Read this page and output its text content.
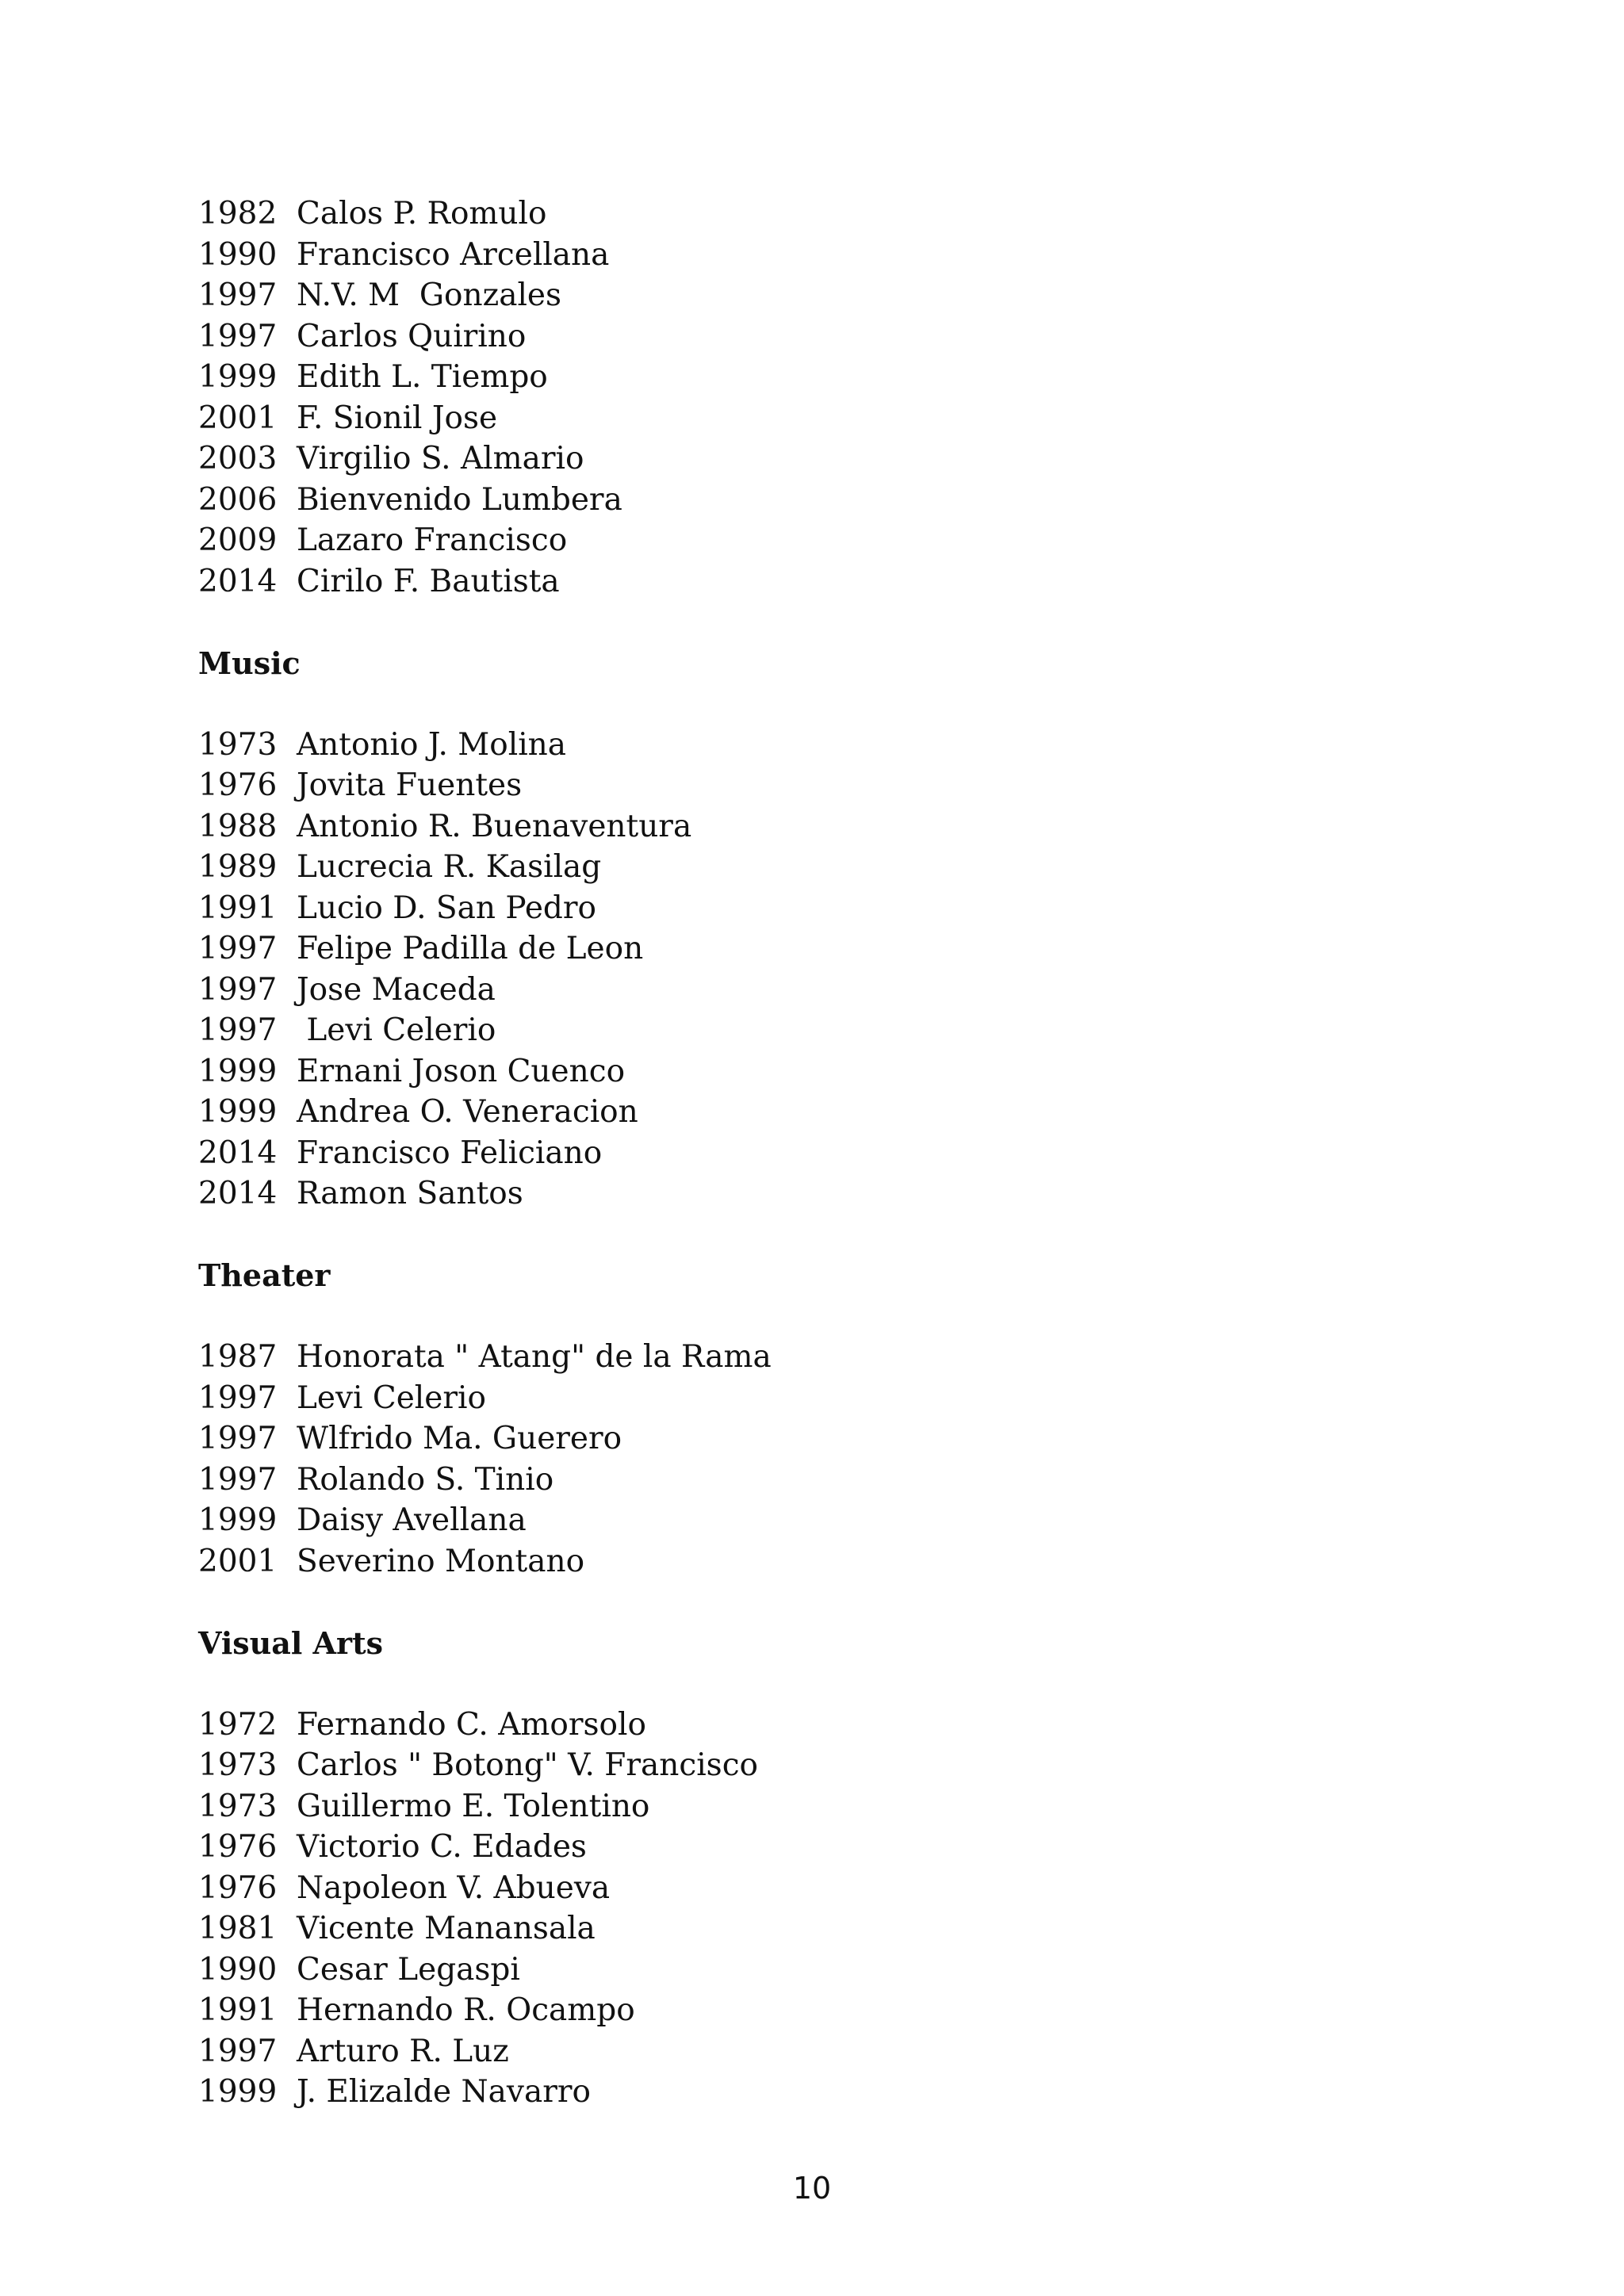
1982 Calos P. Romulo
1990 Francisco Arcellana
1997 N.V. M  Gonzales
1997 Carlos Quirino
1999 Edith L. Tiempo
2001 F. Sionil Jose
2003 Virgilio S. Almario
2006 Bienvenido Lumbera
2009 Lazaro Francisco
2014 Cirilo F. Bautista
Music
1973 Antonio J. Molina
1976 Jovita Fuentes
1988 Antonio R. Buenaventura
1989 Lucrecia R. Kasilag
1991 Lucio D. San Pedro
1997 Felipe Padilla de Leon
1997 Jose Maceda
1997 Levi Celerio
1999 Ernani Joson Cuenco
1999 Andrea O. Veneracion
2014 Francisco Feliciano
2014 Ramon Santos
Theater
1987 Honorata " Atang" de la Rama
1997 Levi Celerio
1997 Wlfrido Ma. Guerero
1997 Rolando S. Tinio
1999 Daisy Avellana
2001 Severino Montano
Visual Arts
1972 Fernando C. Amorsolo
1973 Carlos " Botong" V. Francisco
1973 Guillermo E. Tolentino
1976 Victorio C. Edades
1976 Napoleon V. Abueva
1981 Vicente Manansala
1990 Cesar Legaspi
1991 Hernando R. Ocampo
1997 Arturo R. Luz
1999 J. Elizalde Navarro
10
